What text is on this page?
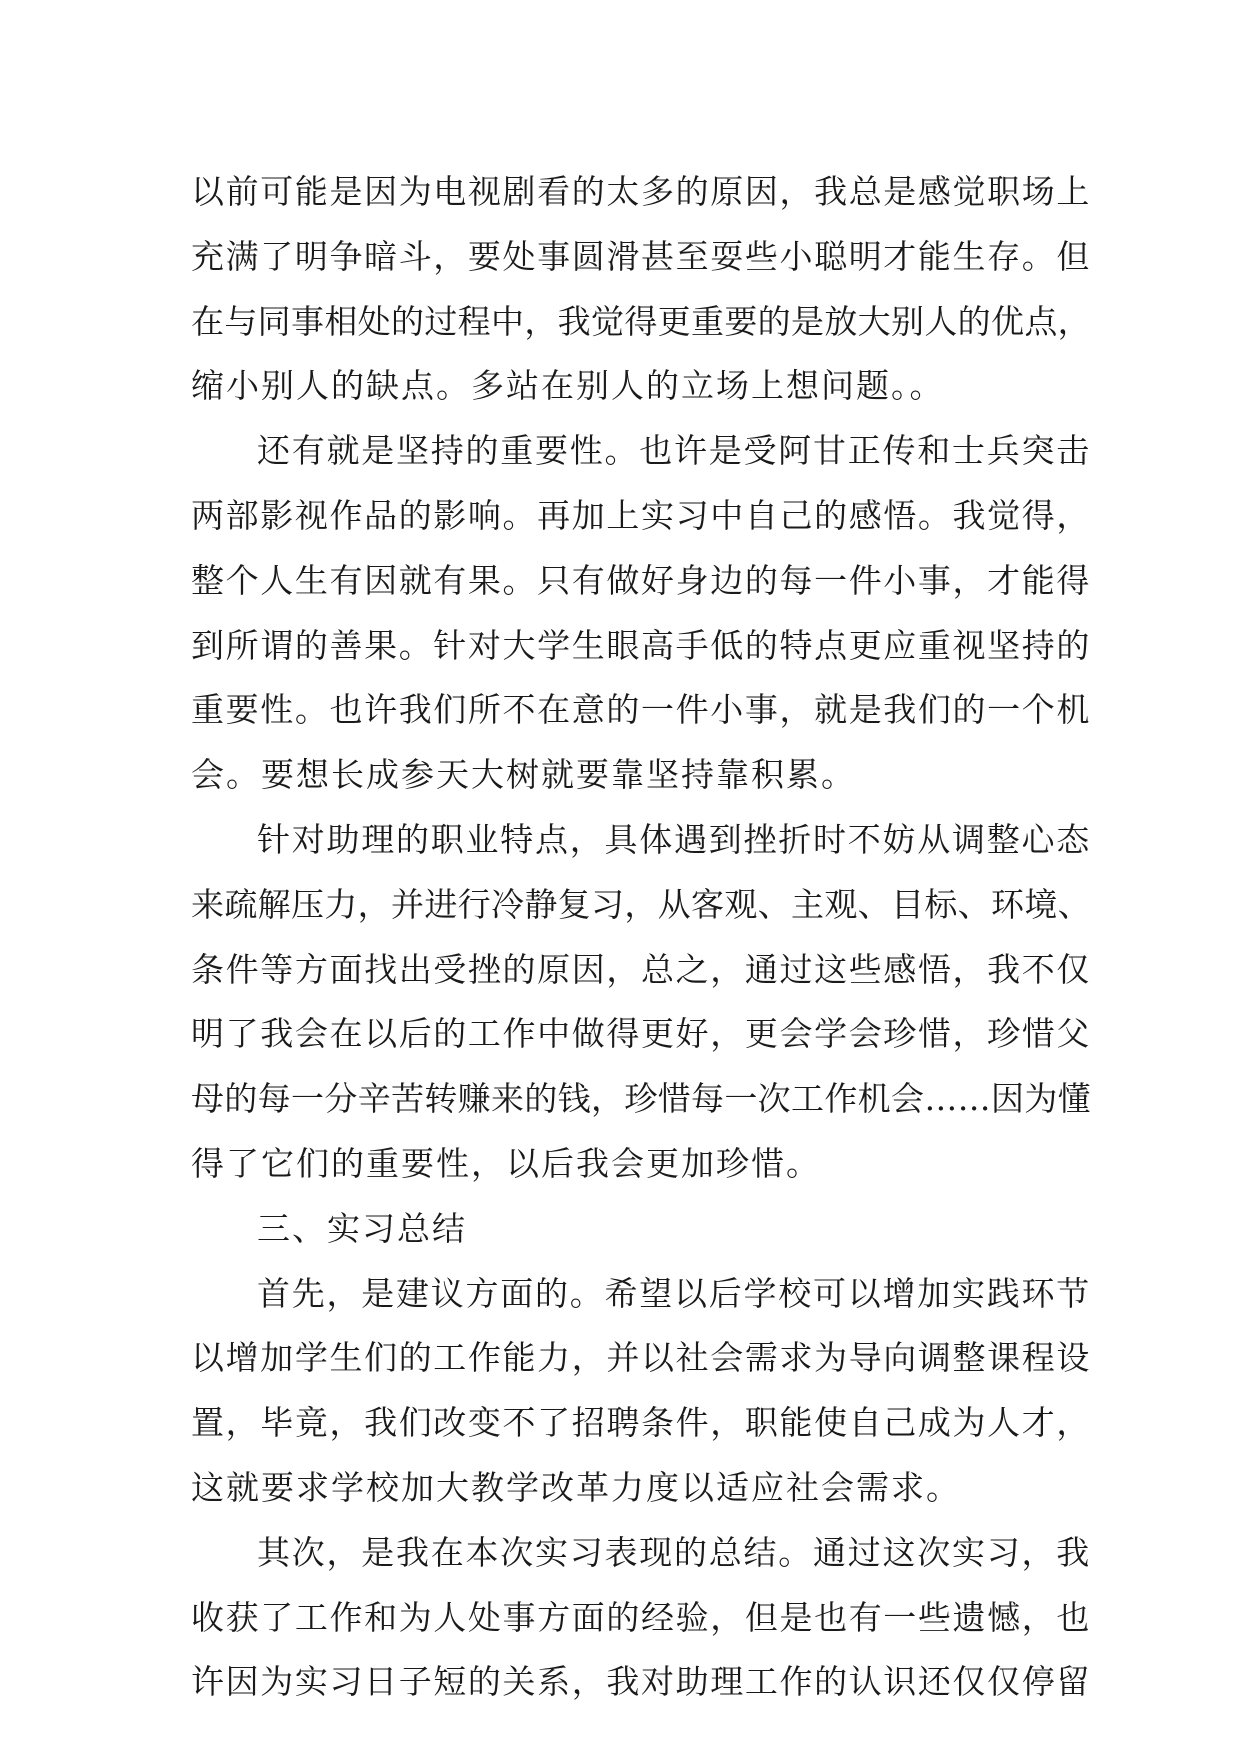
以前可能是因为电视剧看的太多的原因，我总是感觉职场上
充满了明争暗斗，要处事圆滑甚至耍些小聪明才能生存。但
在与同事相处的过程中，我觉得更重要的是放大别人的优点，
缩小别人的缺点。多站在别人的立场上想问题。。
还有就是坚持的重要性。也许是受阿甘正传和士兵突击
两部影视作品的影响。再加上实习中自己的感悟。我觉得，
整个人生有因就有果。只有做好身边的每一件小事，才能得
到所谓的善果。针对大学生眼高手低的特点更应重视坚持的
重要性。也许我们所不在意的一件小事，就是我们的一个机
会。要想长成参天大树就要靠坚持靠积累。
针对助理的职业特点，具体遇到挫折时不妨从调整心态
来疏解压力，并进行冷静复习，从客观、主观、目标、环境、
条件等方面找出受挫的原因，总之，通过这些感悟，我不仅
明了我会在以后的工作中做得更好，更会学会珍惜，珍惜父
母的每一分辛苦转赚来的钱，珍惜每一次工作机会……因为懂
得了它们的重要性，以后我会更加珍惜。
三、实习总结
首先，是建议方面的。希望以后学校可以增加实践环节
以增加学生们的工作能力，并以社会需求为导向调整课程设
置，毕竟，我们改变不了招聘条件，职能使自己成为人才，
这就要求学校加大教学改革力度以适应社会需求。
其次，是我在本次实习表现的总结。通过这次实习，我
收获了工作和为人处事方面的经验，但是也有一些遗憾，也
许因为实习日子短的关系，我对助理工作的认识还仅仅停留
